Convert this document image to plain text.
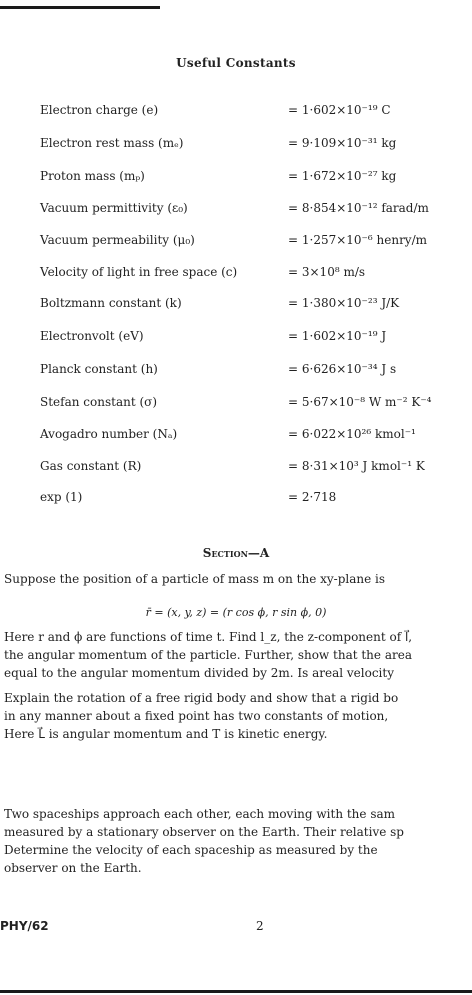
Useful Constants
Electron charge (e)	= 1·602×10⁻¹⁹ C
Electron rest mass (mₑ)	= 9·109×10⁻³¹ kg
Proton mass (mₚ)	= 1·672×10⁻²⁷ kg
Vacuum permittivity (ε₀)	= 8·854×10⁻¹² farad/m
Vacuum permeability (μ₀)	= 1·257×10⁻⁶ henry/m
Velocity of light in free space (c)	= 3×10⁸ m/s
Boltzmann constant (k)	= 1·380×10⁻²³ J/K
Electronvolt (eV)	= 1·602×10⁻¹⁹ J
Planck constant (h)	= 6·626×10⁻³⁴ J s
Stefan constant (σ)	= 5·67×10⁻⁸ W m⁻² K⁻⁴
Avogadro number (Nₐ)	= 6·022×10²⁶ kmol⁻¹
Gas constant (R)	= 8·31×10³ J kmol⁻¹ K
exp (1)	= 2·718
Section—A
Suppose the position of a particle of mass m on the xy-plane is
r̄ = (x, y, z) = (r cos ϕ, r sin ϕ, 0)
Here r and ϕ are functions of time t. Find l_z, the z-component of l⃗,
the angular momentum of the particle. Further, show that the area
equal to the angular momentum divided by 2m. Is areal velocity
Explain the rotation of a free rigid body and show that a rigid bo
in any manner about a fixed point has two constants of motion,
Here L⃗ is angular momentum and T is kinetic energy.
Two spaceships approach each other, each moving with the sam
measured by a stationary observer on the Earth. Their relative sp
Determine the velocity of each spaceship as measured by the
observer on the Earth.
PHY/62	2
